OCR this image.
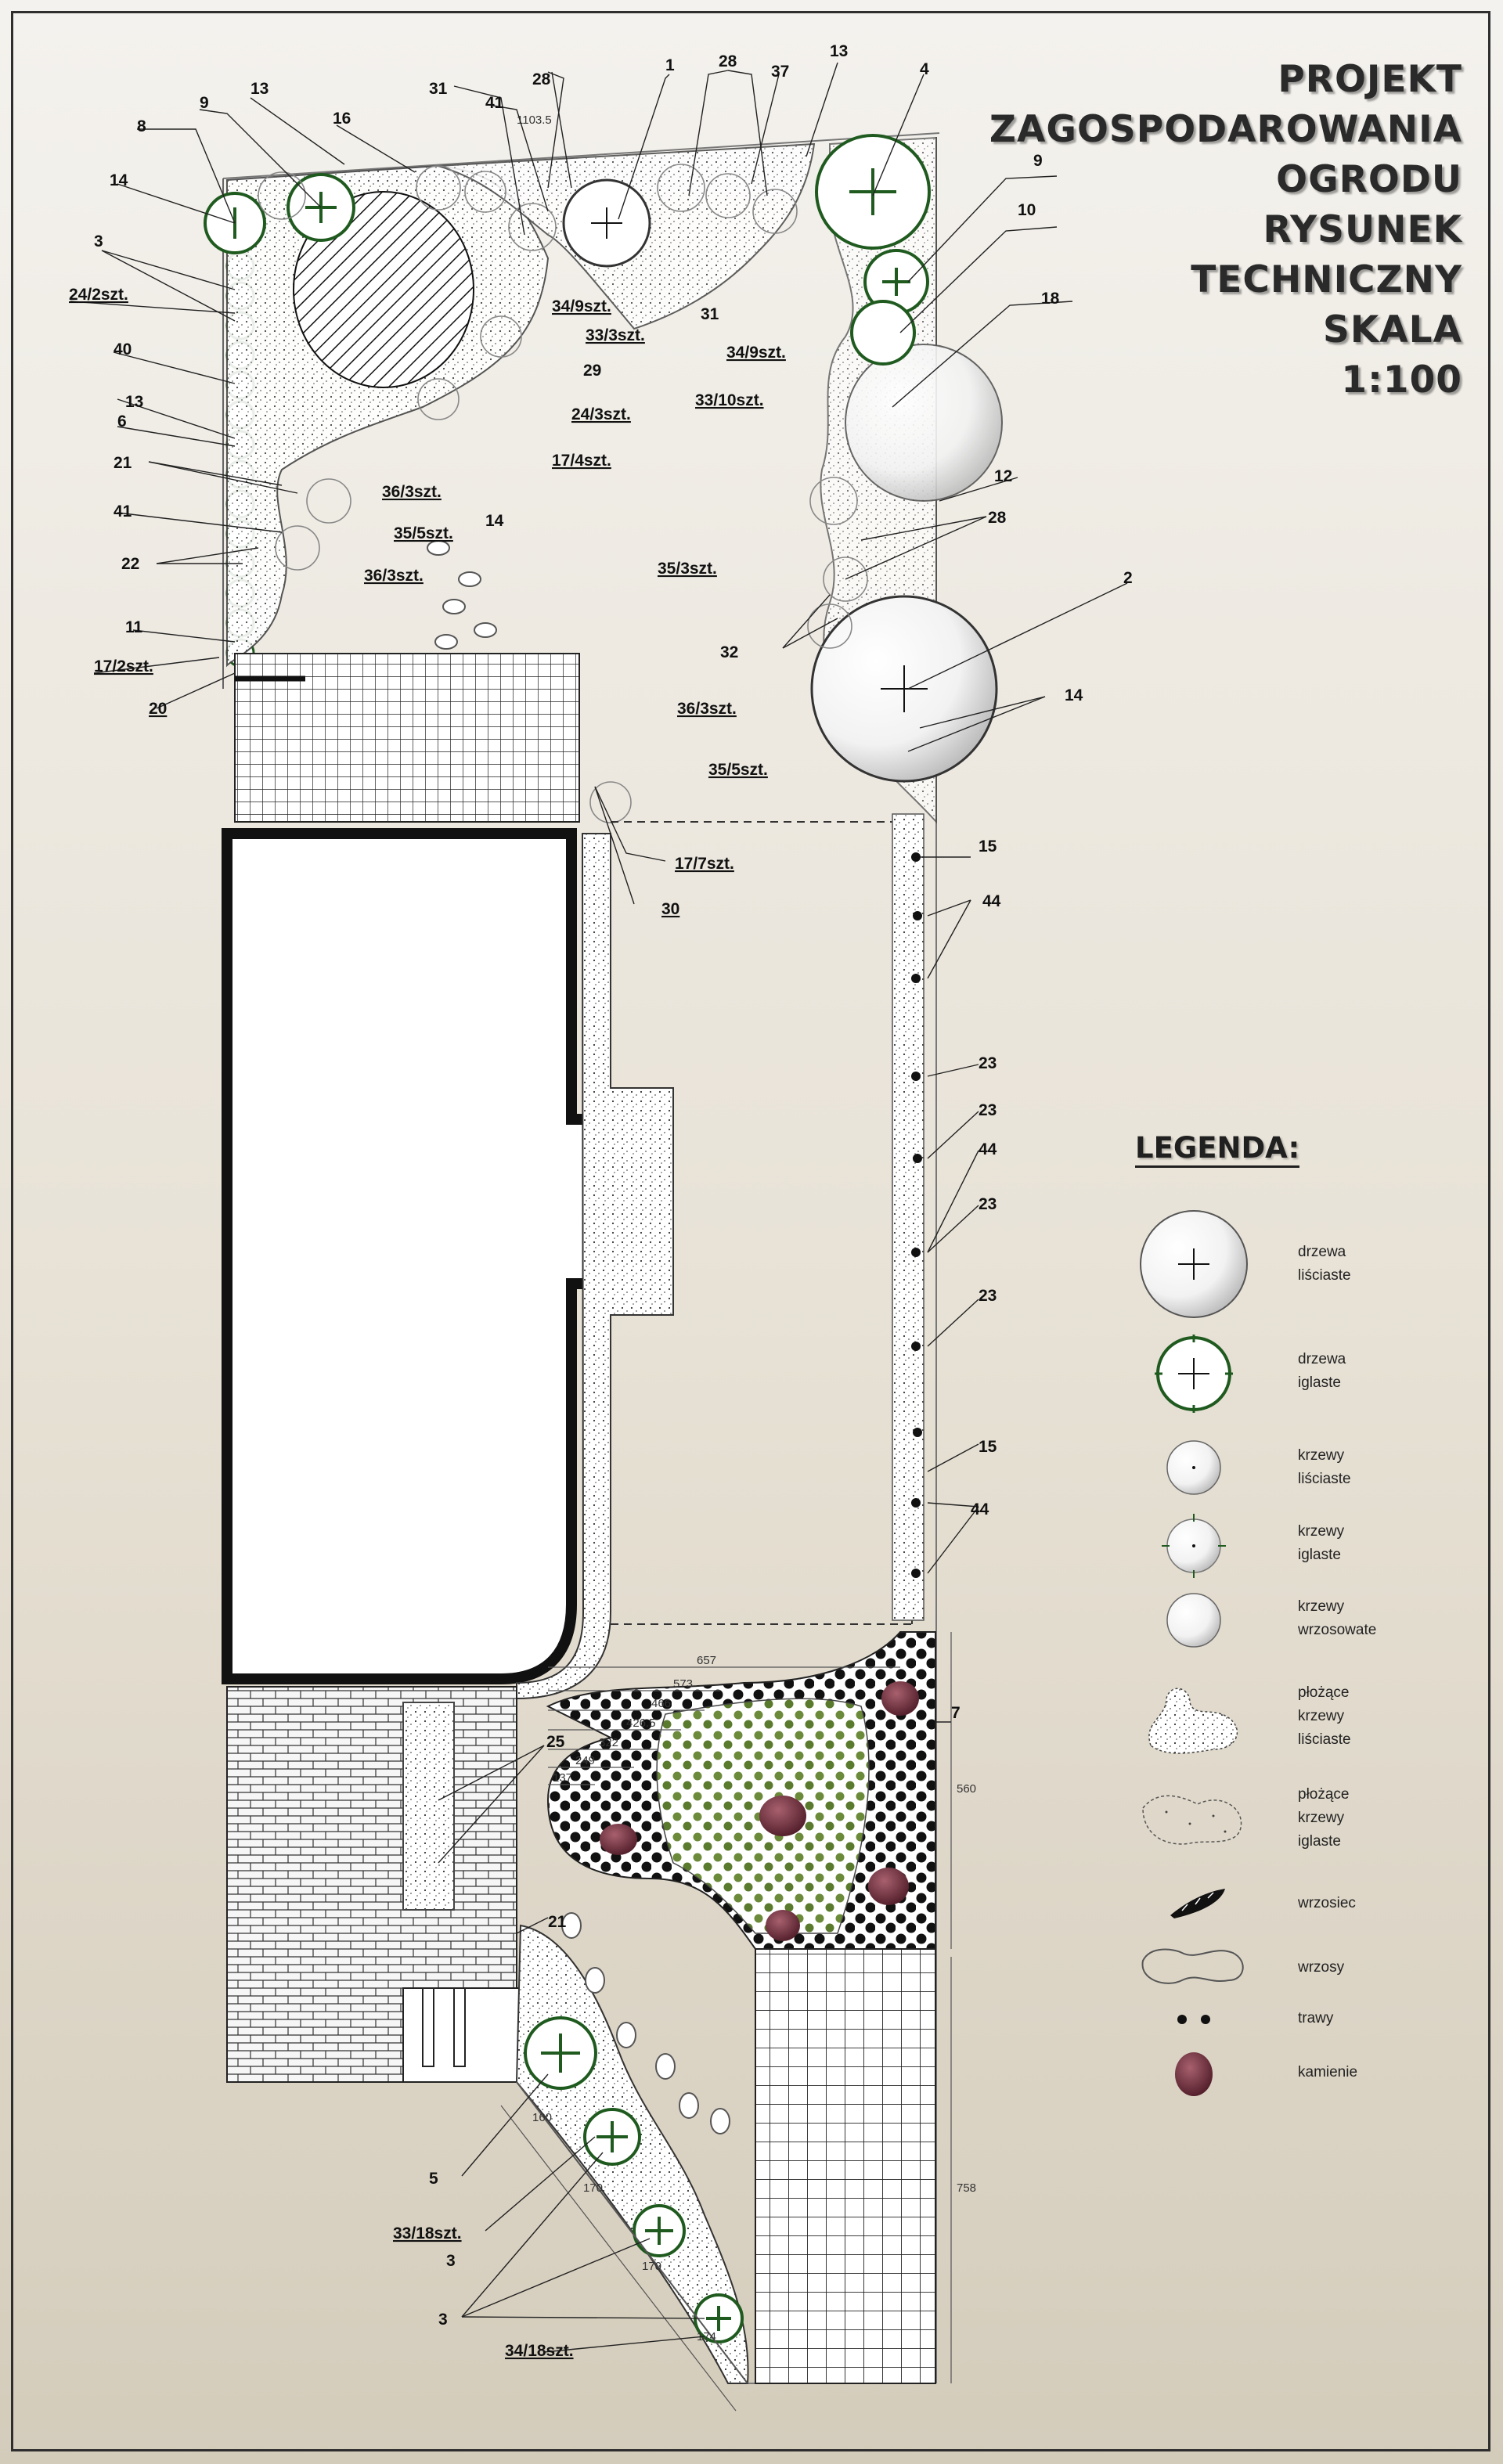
1103.5
657
573
466
426.5
322
249
137
560
758
160
170
170
174
1	28
28	37
13
13
13
4
8
9
9
16
31
31
41
41
14
14
14
3
3
24/2szt.
40
6
21
21
22
11
17/2szt.
20
10
18
12
28
2
32
29
34/9szt.
33/3szt.
34/9szt.
33/10szt.
24/3szt.
17/4szt.
36/3szt.
35/5szt.
36/3szt.	35/3szt.
36/3szt.
35/5szt.
17/7szt.
30
15
15
44
44
44
23
23
23
23
7
25
5
33/18szt.
3
34/18szt.
PROJEKT
ZAGOSPODAROWANIA
OGRODU
RYSUNEK
TECHNICZNY
SKALA
1:100
LEGENDA:
drzewa
liściaste
drzewa
iglaste
krzewy
liściaste
krzewy
iglaste
krzewy
wrzosowate
płożące
krzewy
liściaste
płożące
krzewy
iglaste
wrzosiec
wrzosy
trawy
kamienie
